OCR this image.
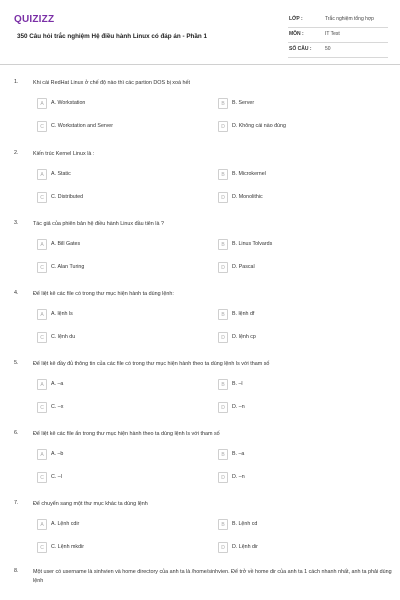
QUIZIZZ
350 Câu hỏi trắc nghiệm Hệ điều hành Linux có đáp án - Phần 1
LỚP :	Trắc nghiệm tổng hợp
MÔN :	IT Test
SỐ CÂU :	50
1.	Khi cài RedHat Linux ở chế độ nào thì các partion DOS bị xoá hết
A	A. Workstation	B	B. Server
C	C. Workstation and Server	D	D. Không cái nào đúng
2.	Kiến trúc Kernel Linux là :
A	A. Static	B	B. Microkernel
C	C. Distributed	D	D. Monolithic
3.	Tác giả của phiên bản hệ điều hành Linux đầu tiên là ?
A	A. Bill Gates	B	B. Linus Tolvards
C	C. Alan Turing	D	D. Pascal
4.	Để liệt kê các file có trong thư mục hiện hành ta dùng lệnh:
A	A. lệnh ls	B	B. lệnh df
C	C. lệnh du	D	D. lệnh cp
5.	Để liệt kê đầy đủ thông tin của các file có trong thư mục hiện hành theo ta dùng lệnh ls với tham số
A	A. –a	B	B. –l
C	C. –x	D	D. –n
6.	Để liệt kê các file ẩn trong thư mục hiện hành theo ta dùng lệnh ls với tham số
A	A. –b	B	B. –a
C	C. –l	D	D. –n
7.	Để chuyển sang một thư mục khác ta dùng lệnh
A	A. Lệnh cdir	B	B. Lệnh cd
C	C. Lệnh mkdir	D	D. Lệnh dir
8.	Một user có username là sinhvien và home directory của anh ta là /home/sinhvien. Để trở về home dir của anh ta 1 cách nhanh nhất, anh ta phải dùng lệnh
